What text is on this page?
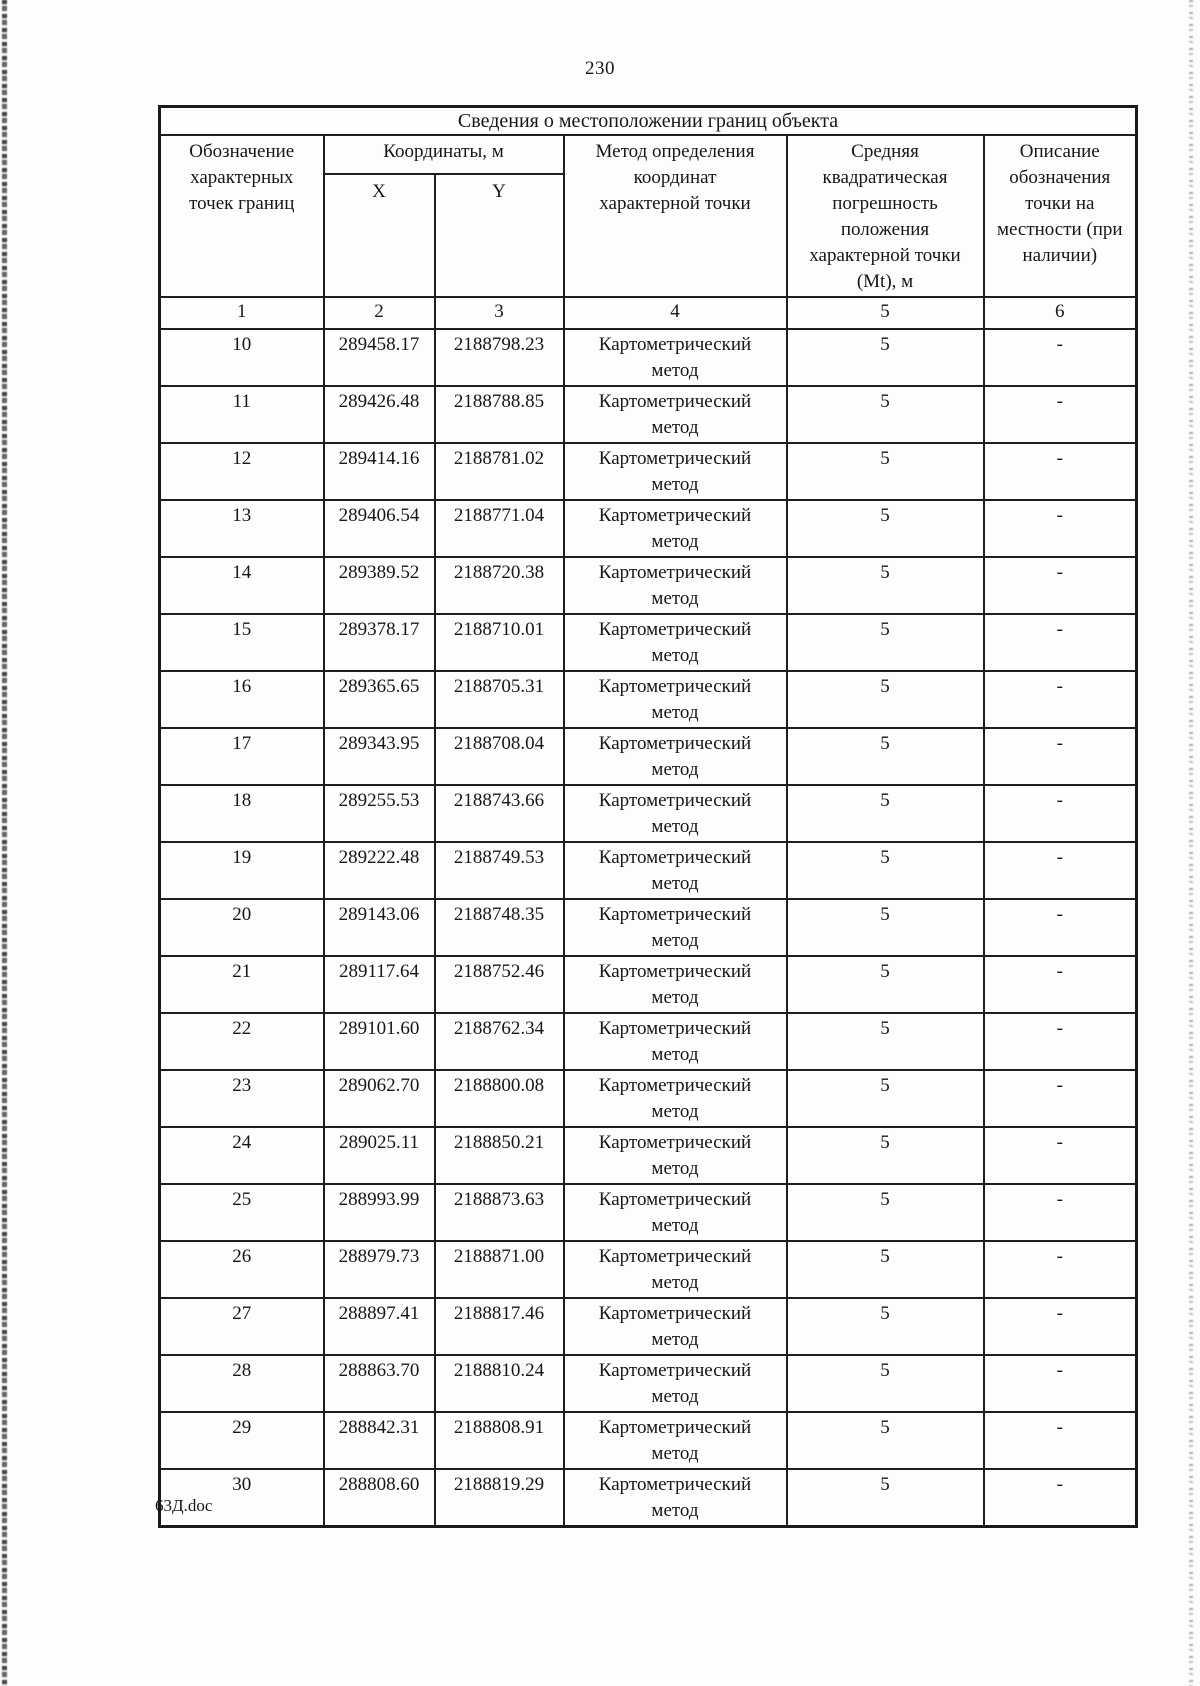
230
Сведения о местоположении границ объекта					

Обозначение характерных точек границ	Координаты, м		Метод определения координат характерной точки	Средняя квадратическая погрешность положения характерной точки (Mt), м	Описание обозначения точки на местности (при наличии)

	X	Y			
1	2	3	4	5	6
10	289458.17	2188798.23	Картометрический метод	5	-
11	289426.48	2188788.85	Картометрический метод	5	-
12	289414.16	2188781.02	Картометрический метод	5	-
13	289406.54	2188771.04	Картометрический метод	5	-
14	289389.52	2188720.38	Картометрический метод	5	-
15	289378.17	2188710.01	Картометрический метод	5	-
16	289365.65	2188705.31	Картометрический метод	5	-
17	289343.95	2188708.04	Картометрический метод	5	-
18	289255.53	2188743.66	Картометрический метод	5	-
19	289222.48	2188749.53	Картометрический метод	5	-
20	289143.06	2188748.35	Картометрический метод	5	-
21	289117.64	2188752.46	Картометрический метод	5	-
22	289101.60	2188762.34	Картометрический метод	5	-
23	289062.70	2188800.08	Картометрический метод	5	-
24	289025.11	2188850.21	Картометрический метод	5	-
25	288993.99	2188873.63	Картометрический метод	5	-
26	288979.73	2188871.00	Картометрический метод	5	-
27	288897.41	2188817.46	Картометрический метод	5	-
28	288863.70	2188810.24	Картометрический метод	5	-
29	288842.31	2188808.91	Картометрический метод	5	-
30	288808.60	2188819.29	Картометрический метод	5	-
63Д.doc
